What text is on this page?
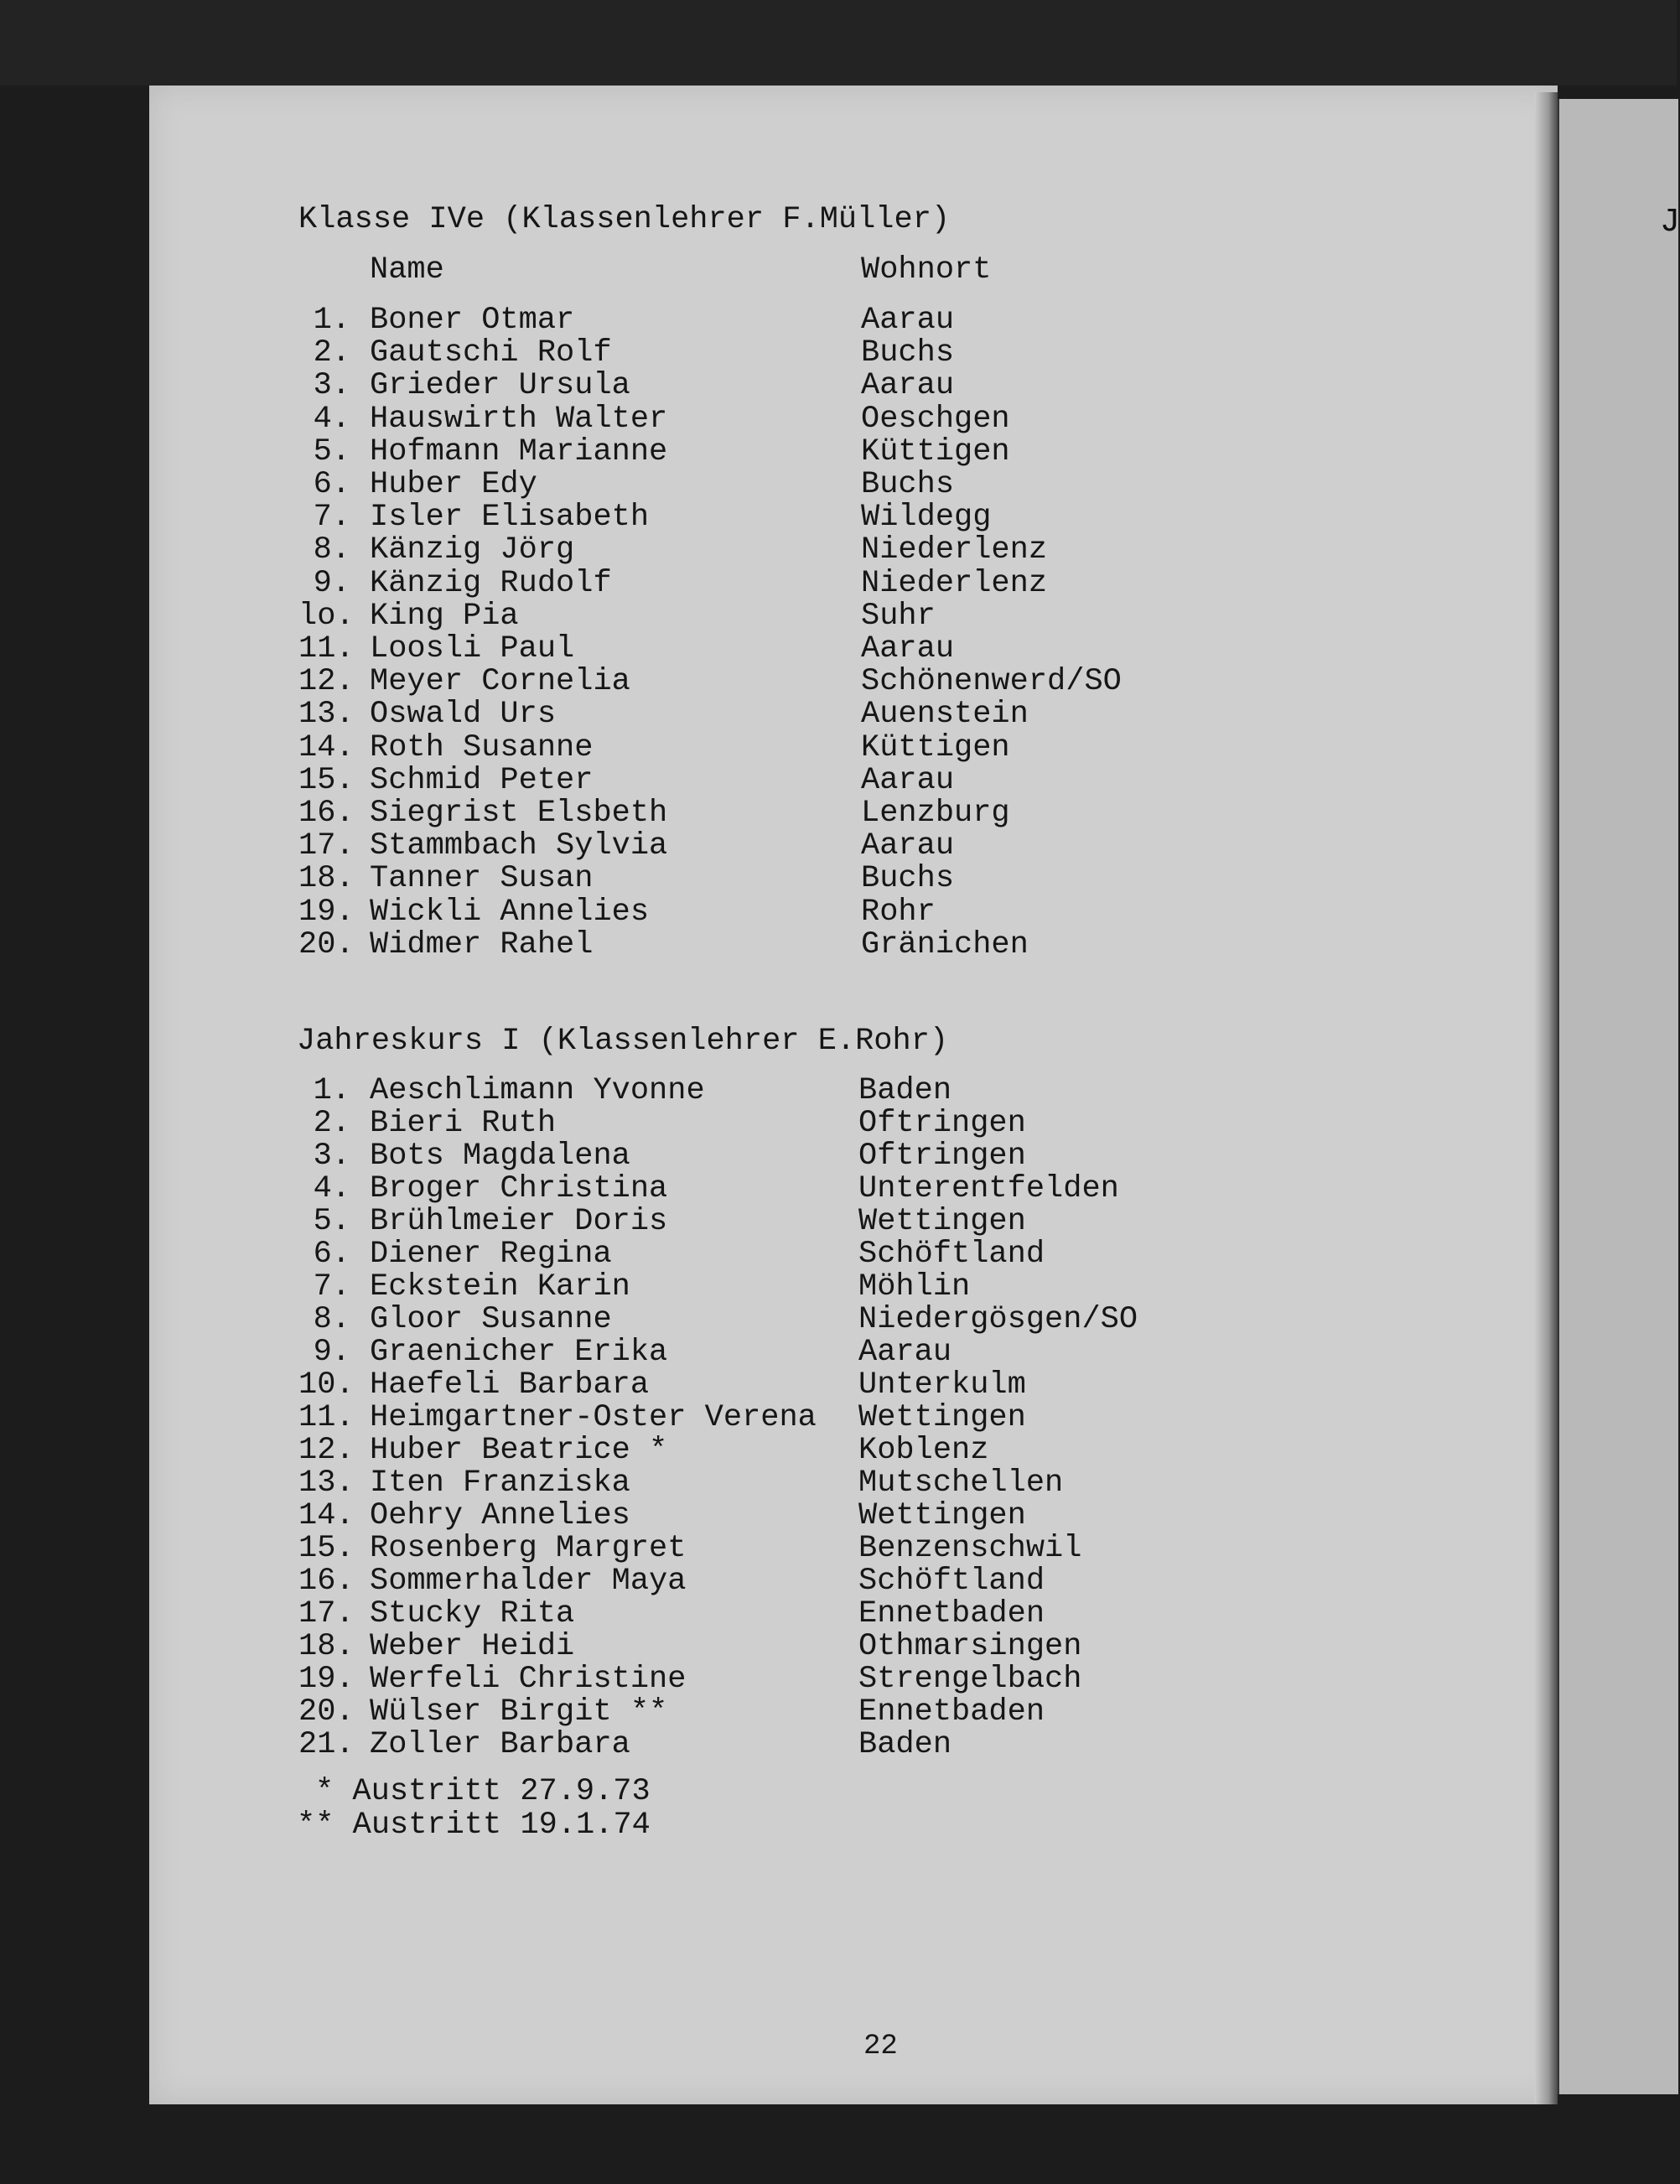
J
Klasse IVe (Klassenlehrer F.Müller)
Name	Wohnort
1. Boner Otmar	Aarau
2. Gautschi Rolf	Buchs
3. Grieder Ursula	Aarau
4. Hauswirth Walter	Oeschgen
5. Hofmann Marianne	Küttigen
6. Huber Edy	Buchs
7. Isler Elisabeth	Wildegg
8. Känzig Jörg	Niederlenz
9. Känzig Rudolf	Niederlenz
lo. King Pia	Suhr
11. Loosli Paul	Aarau
12. Meyer Cornelia	Schönenwerd/SO
13. Oswald Urs	Auenstein
14. Roth Susanne	Küttigen
15. Schmid Peter	Aarau
16. Siegrist Elsbeth	Lenzburg
17. Stammbach Sylvia	Aarau
18. Tanner Susan	Buchs
19. Wickli Annelies	Rohr
20. Widmer Rahel	Gränichen
Jahreskurs I (Klassenlehrer E.Rohr)
1. Aeschlimann Yvonne	Baden
2. Bieri Ruth	Oftringen
3. Bots Magdalena	Oftringen
4. Broger Christina	Unterentfelden
5. Brühlmeier Doris	Wettingen
6. Diener Regina	Schöftland
7. Eckstein Karin	Möhlin
8. Gloor Susanne	Niedergösgen/SO
9. Graenicher Erika	Aarau
10. Haefeli Barbara	Unterkulm
11. Heimgartner-Oster Verena Wettingen
12. Huber Beatrice *	Koblenz
13. Iten Franziska	Mutschellen
14. Oehry Annelies	Wettingen
15. Rosenberg Margret	Benzenschwil
16. Sommerhalder Maya	Schöftland
17. Stucky Rita	Ennetbaden
18. Weber Heidi	Othmarsingen
19. Werfeli Christine	Strengelbach
20. Wülser Birgit **	Ennetbaden
21. Zoller Barbara	Baden
* Austritt 27.9.73
** Austritt 19.1.74
22
